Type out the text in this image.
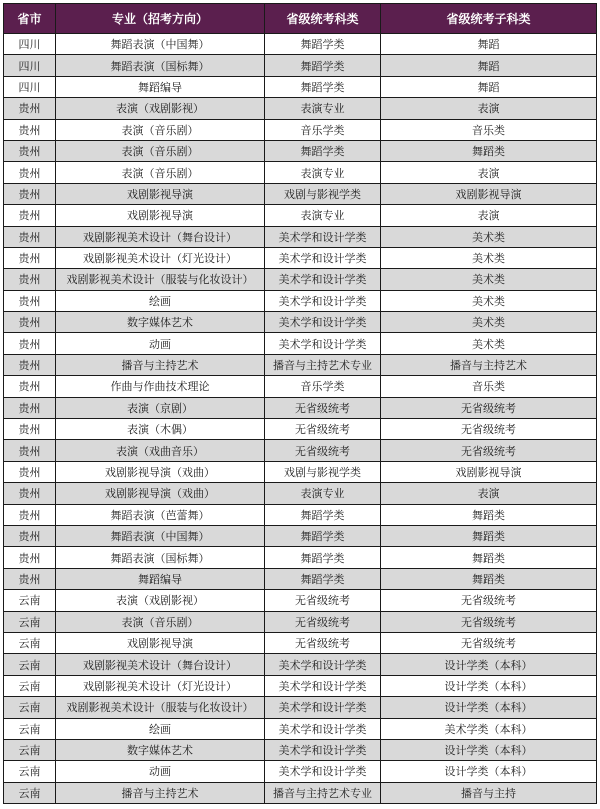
省市	专业（招考方向）	省级统考科类	省级统考子科类
四川	舞蹈表演（中国舞）	舞蹈学类	舞蹈
四川	舞蹈表演（国标舞）	舞蹈学类	舞蹈
四川	舞蹈编导	舞蹈学类	舞蹈
贵州	表演（戏剧影视）	表演专业	表演
贵州	表演（音乐剧）	音乐学类	音乐类
贵州	表演（音乐剧）	舞蹈学类	舞蹈类
贵州	表演（音乐剧）	表演专业	表演
贵州	戏剧影视导演	戏剧与影视学类	戏剧影视导演
贵州	戏剧影视导演	表演专业	表演
贵州	戏剧影视美术设计（舞台设计）	美术学和设计学类	美术类
贵州	戏剧影视美术设计（灯光设计）	美术学和设计学类	美术类
贵州	戏剧影视美术设计（服装与化妆设计）	美术学和设计学类	美术类
贵州	绘画	美术学和设计学类	美术类
贵州	数字媒体艺术	美术学和设计学类	美术类
贵州	动画	美术学和设计学类	美术类
贵州	播音与主持艺术	播音与主持艺术专业	播音与主持艺术
贵州	作曲与作曲技术理论	音乐学类	音乐类
贵州	表演（京剧）	无省级统考	无省级统考
贵州	表演（木偶）	无省级统考	无省级统考
贵州	表演（戏曲音乐）	无省级统考	无省级统考
贵州	戏剧影视导演（戏曲）	戏剧与影视学类	戏剧影视导演
贵州	戏剧影视导演（戏曲）	表演专业	表演
贵州	舞蹈表演（芭蕾舞）	舞蹈学类	舞蹈类
贵州	舞蹈表演（中国舞）	舞蹈学类	舞蹈类
贵州	舞蹈表演（国标舞）	舞蹈学类	舞蹈类
贵州	舞蹈编导	舞蹈学类	舞蹈类
云南	表演（戏剧影视）	无省级统考	无省级统考
云南	表演（音乐剧）	无省级统考	无省级统考
云南	戏剧影视导演	无省级统考	无省级统考
云南	戏剧影视美术设计（舞台设计）	美术学和设计学类	设计学类（本科）
云南	戏剧影视美术设计（灯光设计）	美术学和设计学类	设计学类（本科）
云南	戏剧影视美术设计（服装与化妆设计）	美术学和设计学类	设计学类（本科）
云南	绘画	美术学和设计学类	美术学类（本科）
云南	数字媒体艺术	美术学和设计学类	设计学类（本科）
云南	动画	美术学和设计学类	设计学类（本科）
云南	播音与主持艺术	播音与主持艺术专业	播音与主持
